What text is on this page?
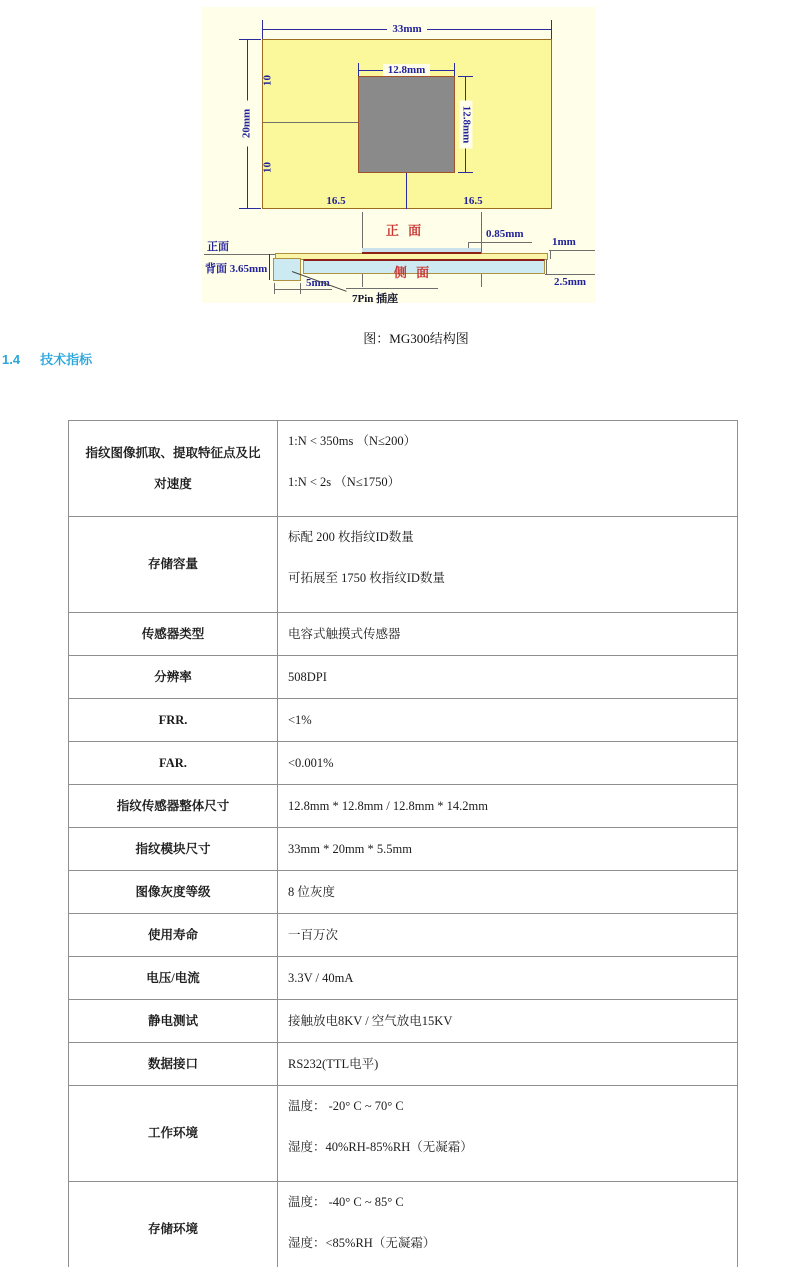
33mm
20mm
10
10
12.8mm
12.8mm
16.5	16.5
正 面	0.85mm
正面
背面 3.65mm
5mm
7Pin 插座
侧 面
1mm
2.5mm
图：MG300结构图
1.4 技术指标
指纹图像抓取、提取特征点及比对速度	1:N < 350ms （N≤200）
1:N < 2s （N≤1750）

存储容量	标配 200 枚指纹ID数量
可拓展至 1750 枚指纹ID数量

传感器类型	电容式触摸式传感器

分辨率	508DPI

FRR.	<1%

FAR.	<0.001%

指纹传感器整体尺寸	12.8mm * 12.8mm / 12.8mm * 14.2mm

指纹模块尺寸	33mm * 20mm * 5.5mm

图像灰度等级	8 位灰度

使用寿命	一百万次

电压/电流	3.3V / 40mA

静电测试	接触放电8KV / 空气放电15KV

数据接口	RS232(TTL电平)

工作环境	温度： -20° C ~ 70° C
湿度：40%RH-85%RH（无凝霜）

存储环境	温度： -40° C ~ 85° C
湿度：<85%RH（无凝霜）
